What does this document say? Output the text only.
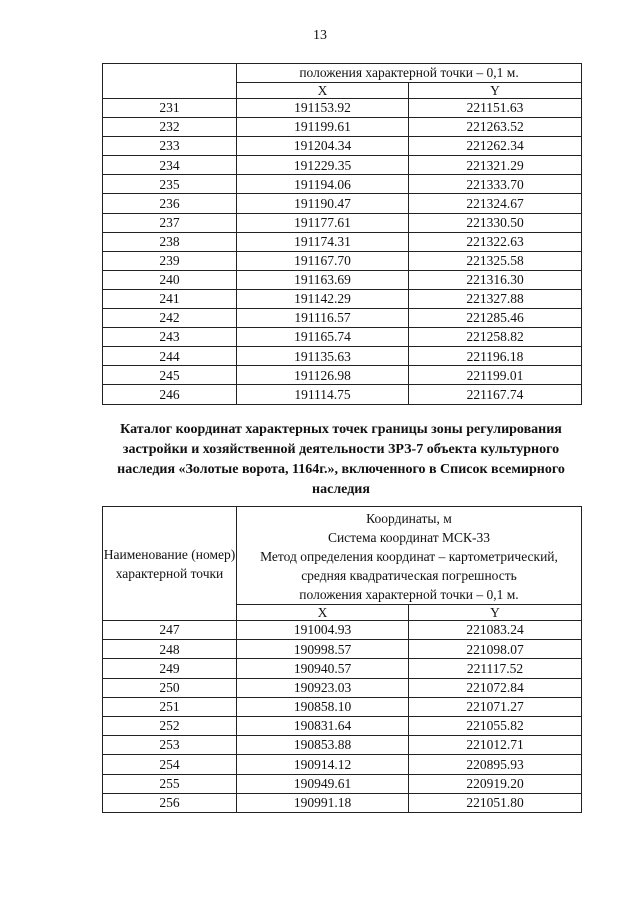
13
	положения характерной точки – 0,1 м.	
	X	Y
231	191153.92	221151.63
232	191199.61	221263.52
233	191204.34	221262.34
234	191229.35	221321.29
235	191194.06	221333.70
236	191190.47	221324.67
237	191177.61	221330.50
238	191174.31	221322.63
239	191167.70	221325.58
240	191163.69	221316.30
241	191142.29	221327.88
242	191116.57	221285.46
243	191165.74	221258.82
244	191135.63	221196.18
245	191126.98	221199.01
246	191114.75	221167.74

Каталог координат характерных точек границы зоны регулирования застройки и хозяйственной деятельности ЗРЗ-7 объекта культурного наследия «Золотые ворота, 1164г.», включенного в Список всемирного наследия

Наименование (номер) характерной точки	Координаты, м
Система координат МСК-33
Метод определения координат – картометрический,
средняя квадратическая погрешность
положения характерной точки – 0,1 м.	

	X	Y
247	191004.93	221083.24
248	190998.57	221098.07
249	190940.57	221117.52
250	190923.03	221072.84
251	190858.10	221071.27
252	190831.64	221055.82
253	190853.88	221012.71
254	190914.12	220895.93
255	190949.61	220919.20
256	190991.18	221051.80
